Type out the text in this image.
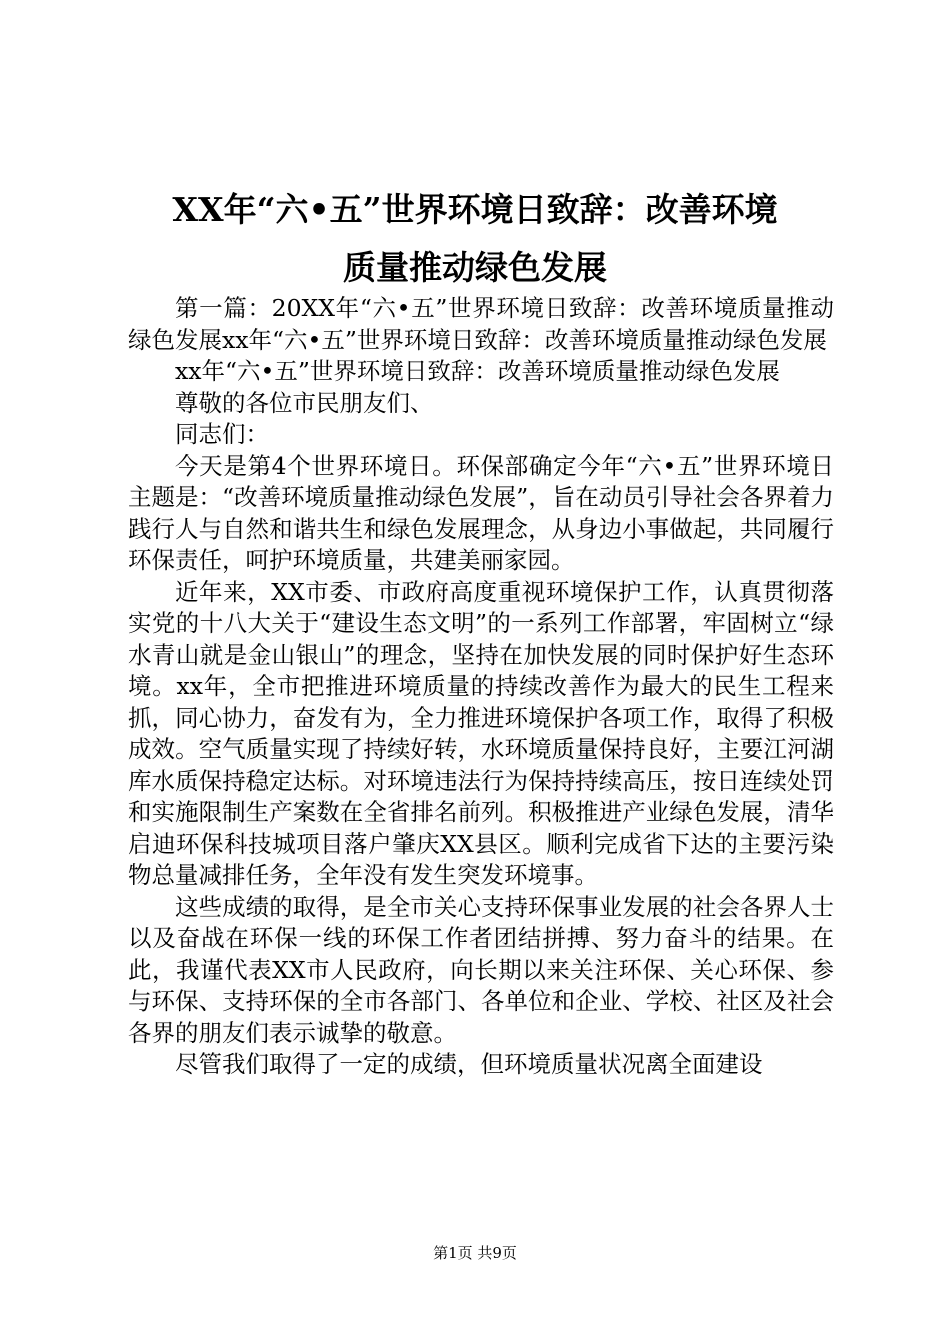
XX年“六•五”世界环境日致辞：改善环境
质量推动绿色发展

第一篇：20XX年“六•五”世界环境日致辞：改善环境质量推动绿色发展xx年“六•五”世界环境日致辞：改善环境质量推动绿色发展

xx年“六•五”世界环境日致辞：改善环境质量推动绿色发展

尊敬的各位市民朋友们、

同志们：

今天是第4个世界环境日。环保部确定今年“六•五”世界环境日主题是：“改善环境质量推动绿色发展”，旨在动员引导社会各界着力践行人与自然和谐共生和绿色发展理念，从身边小事做起，共同履行环保责任，呵护环境质量，共建美丽家园。

近年来，XX市委、市政府高度重视环境保护工作，认真贯彻落实党的十八大关于“建设生态文明”的一系列工作部署，牢固树立“绿水青山就是金山银山”的理念，坚持在加快发展的同时保护好生态环境。xx年，全市把推进环境质量的持续改善作为最大的民生工程来抓，同心协力，奋发有为，全力推进环境保护各项工作，取得了积极成效。空气质量实现了持续好转，水环境质量保持良好，主要江河湖库水质保持稳定达标。对环境违法行为保持持续高压，按日连续处罚和实施限制生产案数在全省排名前列。积极推进产业绿色发展，清华启迪环保科技城项目落户肇庆XX县区。顺利完成省下达的主要污染物总量减排任务，全年没有发生突发环境事。

这些成绩的取得，是全市关心支持环保事业发展的社会各界人士以及奋战在环保一线的环保工作者团结拼搏、努力奋斗的结果。在此，我谨代表XX市人民政府，向长期以来关注环保、关心环保、参与环保、支持环保的全市各部门、各单位和企业、学校、社区及社会各界的朋友们表示诚挚的敬意。

尽管我们取得了一定的成绩，但环境质量状况离全面建设

第1页 共9页
